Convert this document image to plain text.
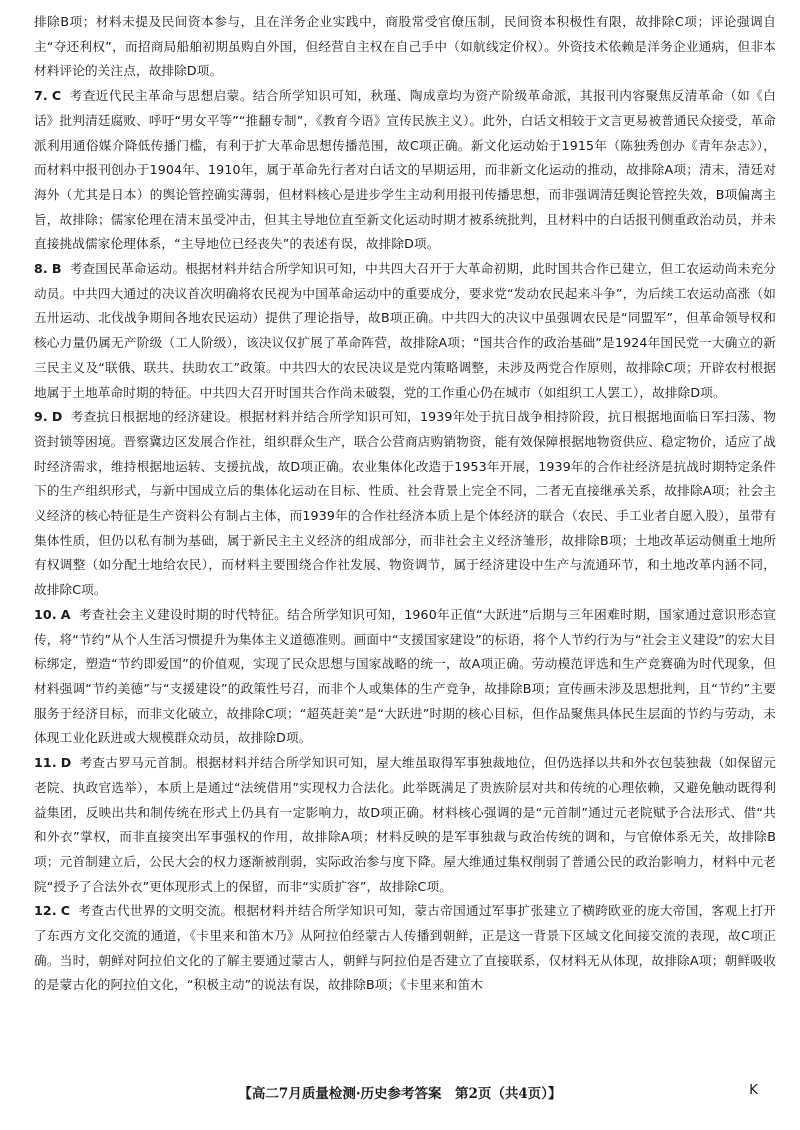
排除B项；材料未提及民间资本参与，且在洋务企业实践中，商股常受官僚压制，民间资本积极性有限，故排除C项；评论强调自主“夺还利权”，而招商局船舶初期虽购自外国，但经营自主权在自己手中（如航线定价权）。外资技术依赖是洋务企业通病，但非本材料评论的关注点，故排除D项。

7. C 考查近代民主革命与思想启蒙。结合所学知识可知，秋瑾、陶成章均为资产阶级革命派，其报刊内容聚焦反清革命（如《白话》批判清廷腐败、呼吁“男女平等”“推翻专制”，《教育今语》宣传民族主义）。此外，白话文相较于文言更易被普通民众接受，革命派利用通俗媒介降低传播门槛，有利于扩大革命思想传播范围，故C项正确。新文化运动始于1915年（陈独秀创办《青年杂志》），而材料中报刊创办于1904年、1910年，属于革命先行者对白话文的早期运用，而非新文化运动的推动，故排除A项；清末，清廷对海外（尤其是日本）的舆论管控确实薄弱，但材料核心是进步学生主动利用报刊传播思想，而非强调清廷舆论管控失效，B项偏离主旨，故排除；儒家伦理在清末虽受冲击，但其主导地位直至新文化运动时期才被系统批判，且材料中的白话报刊侧重政治动员，并未直接挑战儒家伦理体系，“主导地位已经丧失”的表述有误，故排除D项。

8. B 考查国民革命运动。根据材料并结合所学知识可知，中共四大召开于大革命初期，此时国共合作已建立，但工农运动尚未充分动员。中共四大通过的决议首次明确将农民视为中国革命运动中的重要成分，要求党“发动农民起来斗争”，为后续工农运动高涨（如五卅运动、北伐战争期间各地农民运动）提供了理论指导，故B项正确。中共四大的决议中虽强调农民是“同盟军”，但革命领导权和核心力量仍属无产阶级（工人阶级），该决议仅扩展了革命阵营，故排除A项；“国共合作的政治基础”是1924年国民党一大确立的新三民主义及“联俄、联共、扶助农工”政策。中共四大的农民决议是党内策略调整，未涉及两党合作原则，故排除C项；开辟农村根据地属于土地革命时期的特征。中共四大召开时国共合作尚未破裂，党的工作重心仍在城市（如组织工人罢工），故排除D项。

9. D 考查抗日根据地的经济建设。根据材料并结合所学知识可知，1939年处于抗日战争相持阶段，抗日根据地面临日军扫荡、物资封锁等困境。晋察冀边区发展合作社，组织群众生产，联合公营商店购销物资，能有效保障根据地物资供应、稳定物价，适应了战时经济需求，维持根据地运转、支援抗战，故D项正确。农业集体化改造于1953年开展，1939年的合作社经济是抗战时期特定条件下的生产组织形式，与新中国成立后的集体化运动在目标、性质、社会背景上完全不同，二者无直接继承关系，故排除A项；社会主义经济的核心特征是生产资料公有制占主体，而1939年的合作社经济本质上是个体经济的联合（农民、手工业者自愿入股），虽带有集体性质，但仍以私有制为基础，属于新民主主义经济的组成部分，而非社会主义经济雏形，故排除B项；土地改革运动侧重土地所有权调整（如分配土地给农民），而材料主要围绕合作社发展、物资调节，属于经济建设中生产与流通环节，和土地改革内涵不同，故排除C项。

10. A 考查社会主义建设时期的时代特征。结合所学知识可知，1960年正值“大跃进”后期与三年困难时期，国家通过意识形态宣传，将“节约”从个人生活习惯提升为集体主义道德准则。画面中“支援国家建设”的标语，将个人节约行为与“社会主义建设”的宏大目标绑定，塑造“节约即爱国”的价值观，实现了民众思想与国家战略的统一，故A项正确。劳动模范评选和生产竞赛确为时代现象，但材料强调“节约美德”与“支援建设”的政策性号召，而非个人或集体的生产竞争，故排除B项；宣传画未涉及思想批判，且“节约”主要服务于经济目标，而非文化破立，故排除C项；“超英赶美”是“大跃进”时期的核心目标，但作品聚焦具体民生层面的节约与劳动，未体现工业化跃进或大规模群众动员，故排除D项。

11. D 考查古罗马元首制。根据材料并结合所学知识可知，屋大维虽取得军事独裁地位，但仍选择以共和外衣包装独裁（如保留元老院、执政官选举），本质上是通过“法统借用”实现权力合法化。此举既满足了贵族阶层对共和传统的心理依赖，又避免触动既得利益集团，反映出共和制传统在形式上仍具有一定影响力，故D项正确。材料核心强调的是“元首制”通过元老院赋予合法形式、借“共和外衣”掌权，而非直接突出军事强权的作用，故排除A项；材料反映的是军事独裁与政治传统的调和，与官僚体系无关，故排除B项；元首制建立后，公民大会的权力逐渐被削弱，实际政治参与度下降。屋大维通过集权削弱了普通公民的政治影响力，材料中元老院“授予了合法外衣”更体现形式上的保留，而非“实质扩容”，故排除C项。

12. C 考查古代世界的文明交流。根据材料并结合所学知识可知，蒙古帝国通过军事扩张建立了横跨欧亚的庞大帝国，客观上打开了东西方文化交流的通道，《卡里来和笛木乃》从阿拉伯经蒙古人传播到朝鲜，正是这一背景下区域文化间接交流的表现，故C项正确。当时，朝鲜对阿拉伯文化的了解主要通过蒙古人，朝鲜与阿拉伯是否建立了直接联系，仅材料无从体现，故排除A项；朝鲜吸收的是蒙古化的阿拉伯文化，“积极主动”的说法有误，故排除B项；《卡里来和笛木

【高二7月质量检测·历史参考答案　第2页（共4页）】	K
